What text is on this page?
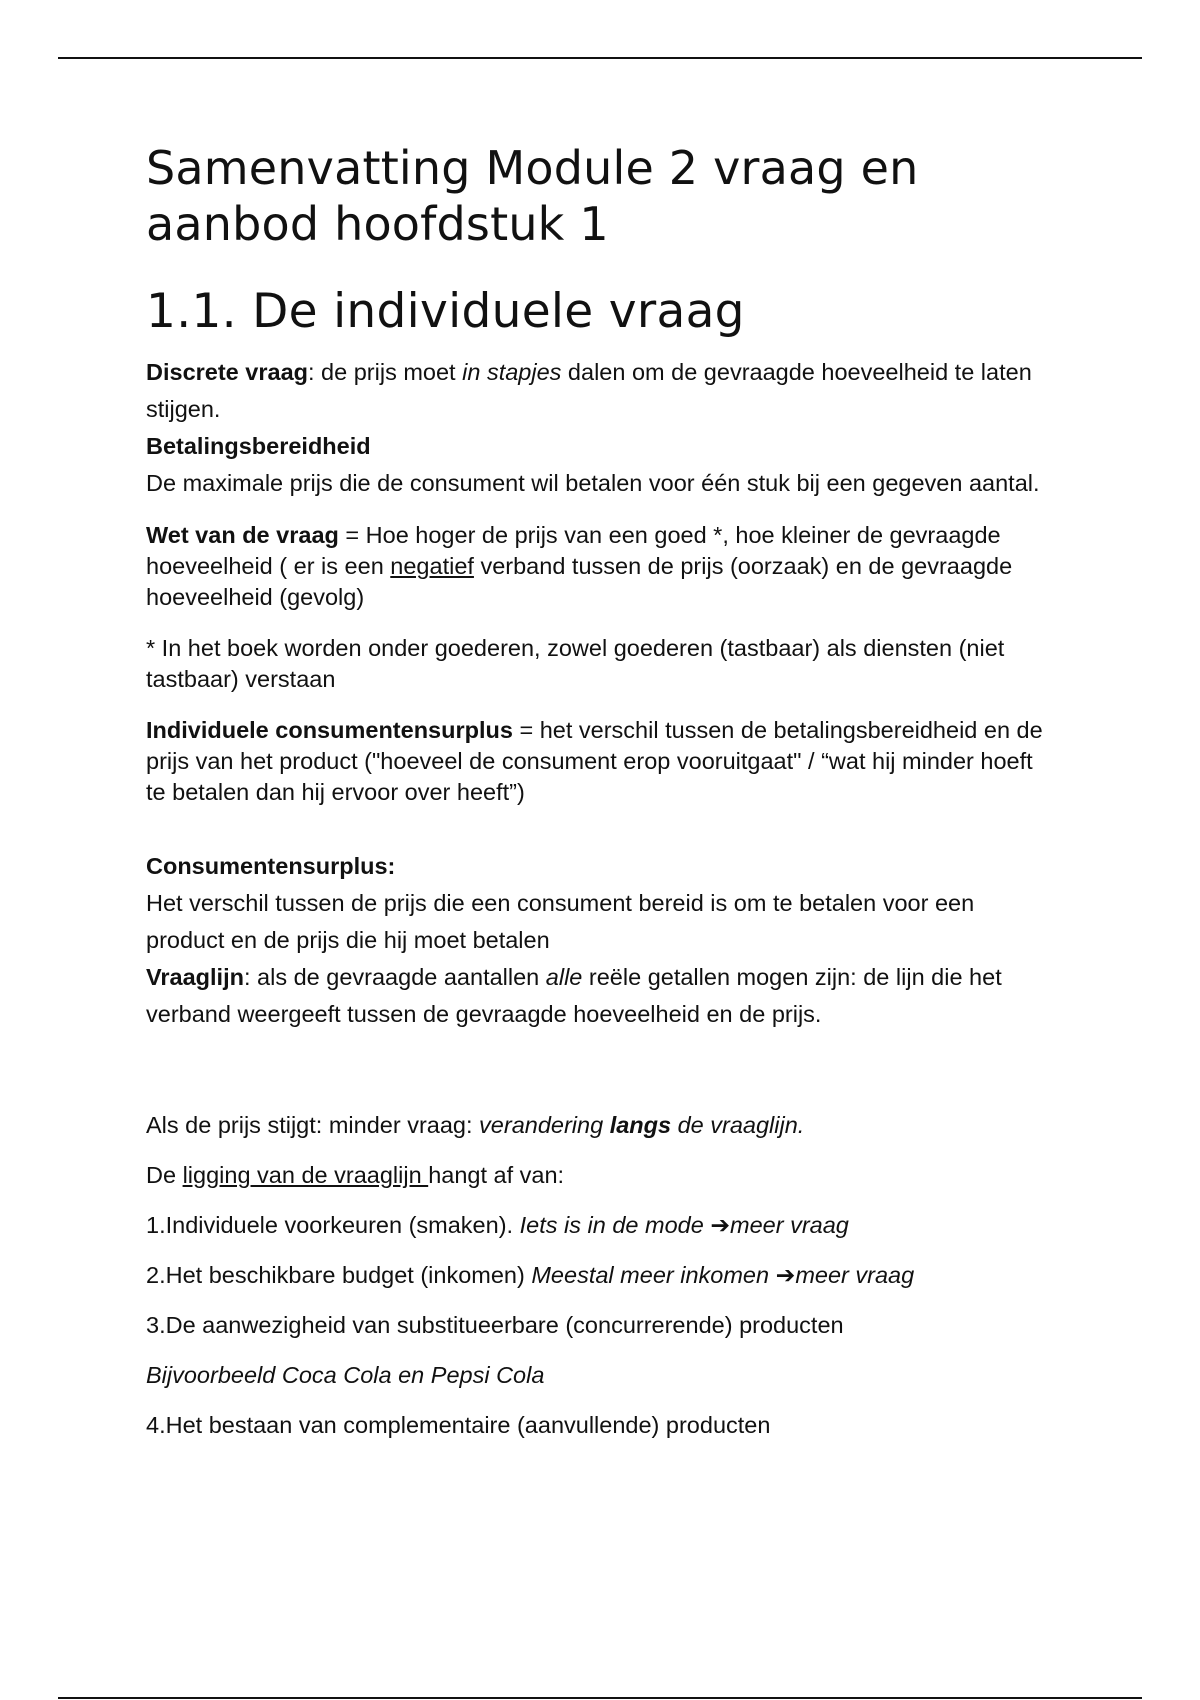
Samenvatting Module 2 vraag en aanbod hoofdstuk 1
1.1. De individuele vraag

Discrete vraag: de prijs moet in stapjes dalen om de gevraagde hoeveelheid te laten stijgen.

Betalingsbereidheid

De maximale prijs die de consument wil betalen voor één stuk bij een gegeven aantal.

Wet van de vraag = Hoe hoger de prijs van een goed *, hoe kleiner de gevraagde hoeveelheid ( er is een negatief verband tussen de prijs (oorzaak) en de gevraagde hoeveelheid (gevolg)

* In het boek worden onder goederen, zowel goederen (tastbaar) als diensten (niet tastbaar) verstaan

Individuele consumentensurplus = het verschil tussen de betalingsbereidheid en de prijs van het product ("hoeveel de consument erop vooruitgaat" / “wat hij minder hoeft te betalen dan hij ervoor over heeft”)

Consumentensurplus:

Het verschil tussen de prijs die een consument bereid is om te betalen voor een product en de prijs die hij moet betalen

Vraaglijn: als de gevraagde aantallen alle reële getallen mogen zijn: de lijn die het verband weergeeft tussen de gevraagde hoeveelheid en de prijs.

Als de prijs stijgt: minder vraag: verandering langs de vraaglijn.

De ligging van de vraaglijn hangt af van:

1.Individuele voorkeuren (smaken). Iets is in de mode ➔meer vraag

2.Het beschikbare budget (inkomen) Meestal meer inkomen ➔meer vraag

3.De aanwezigheid van substitueerbare (concurrerende) producten

Bijvoorbeeld Coca Cola en Pepsi Cola

4.Het bestaan van complementaire (aanvullende) producten
